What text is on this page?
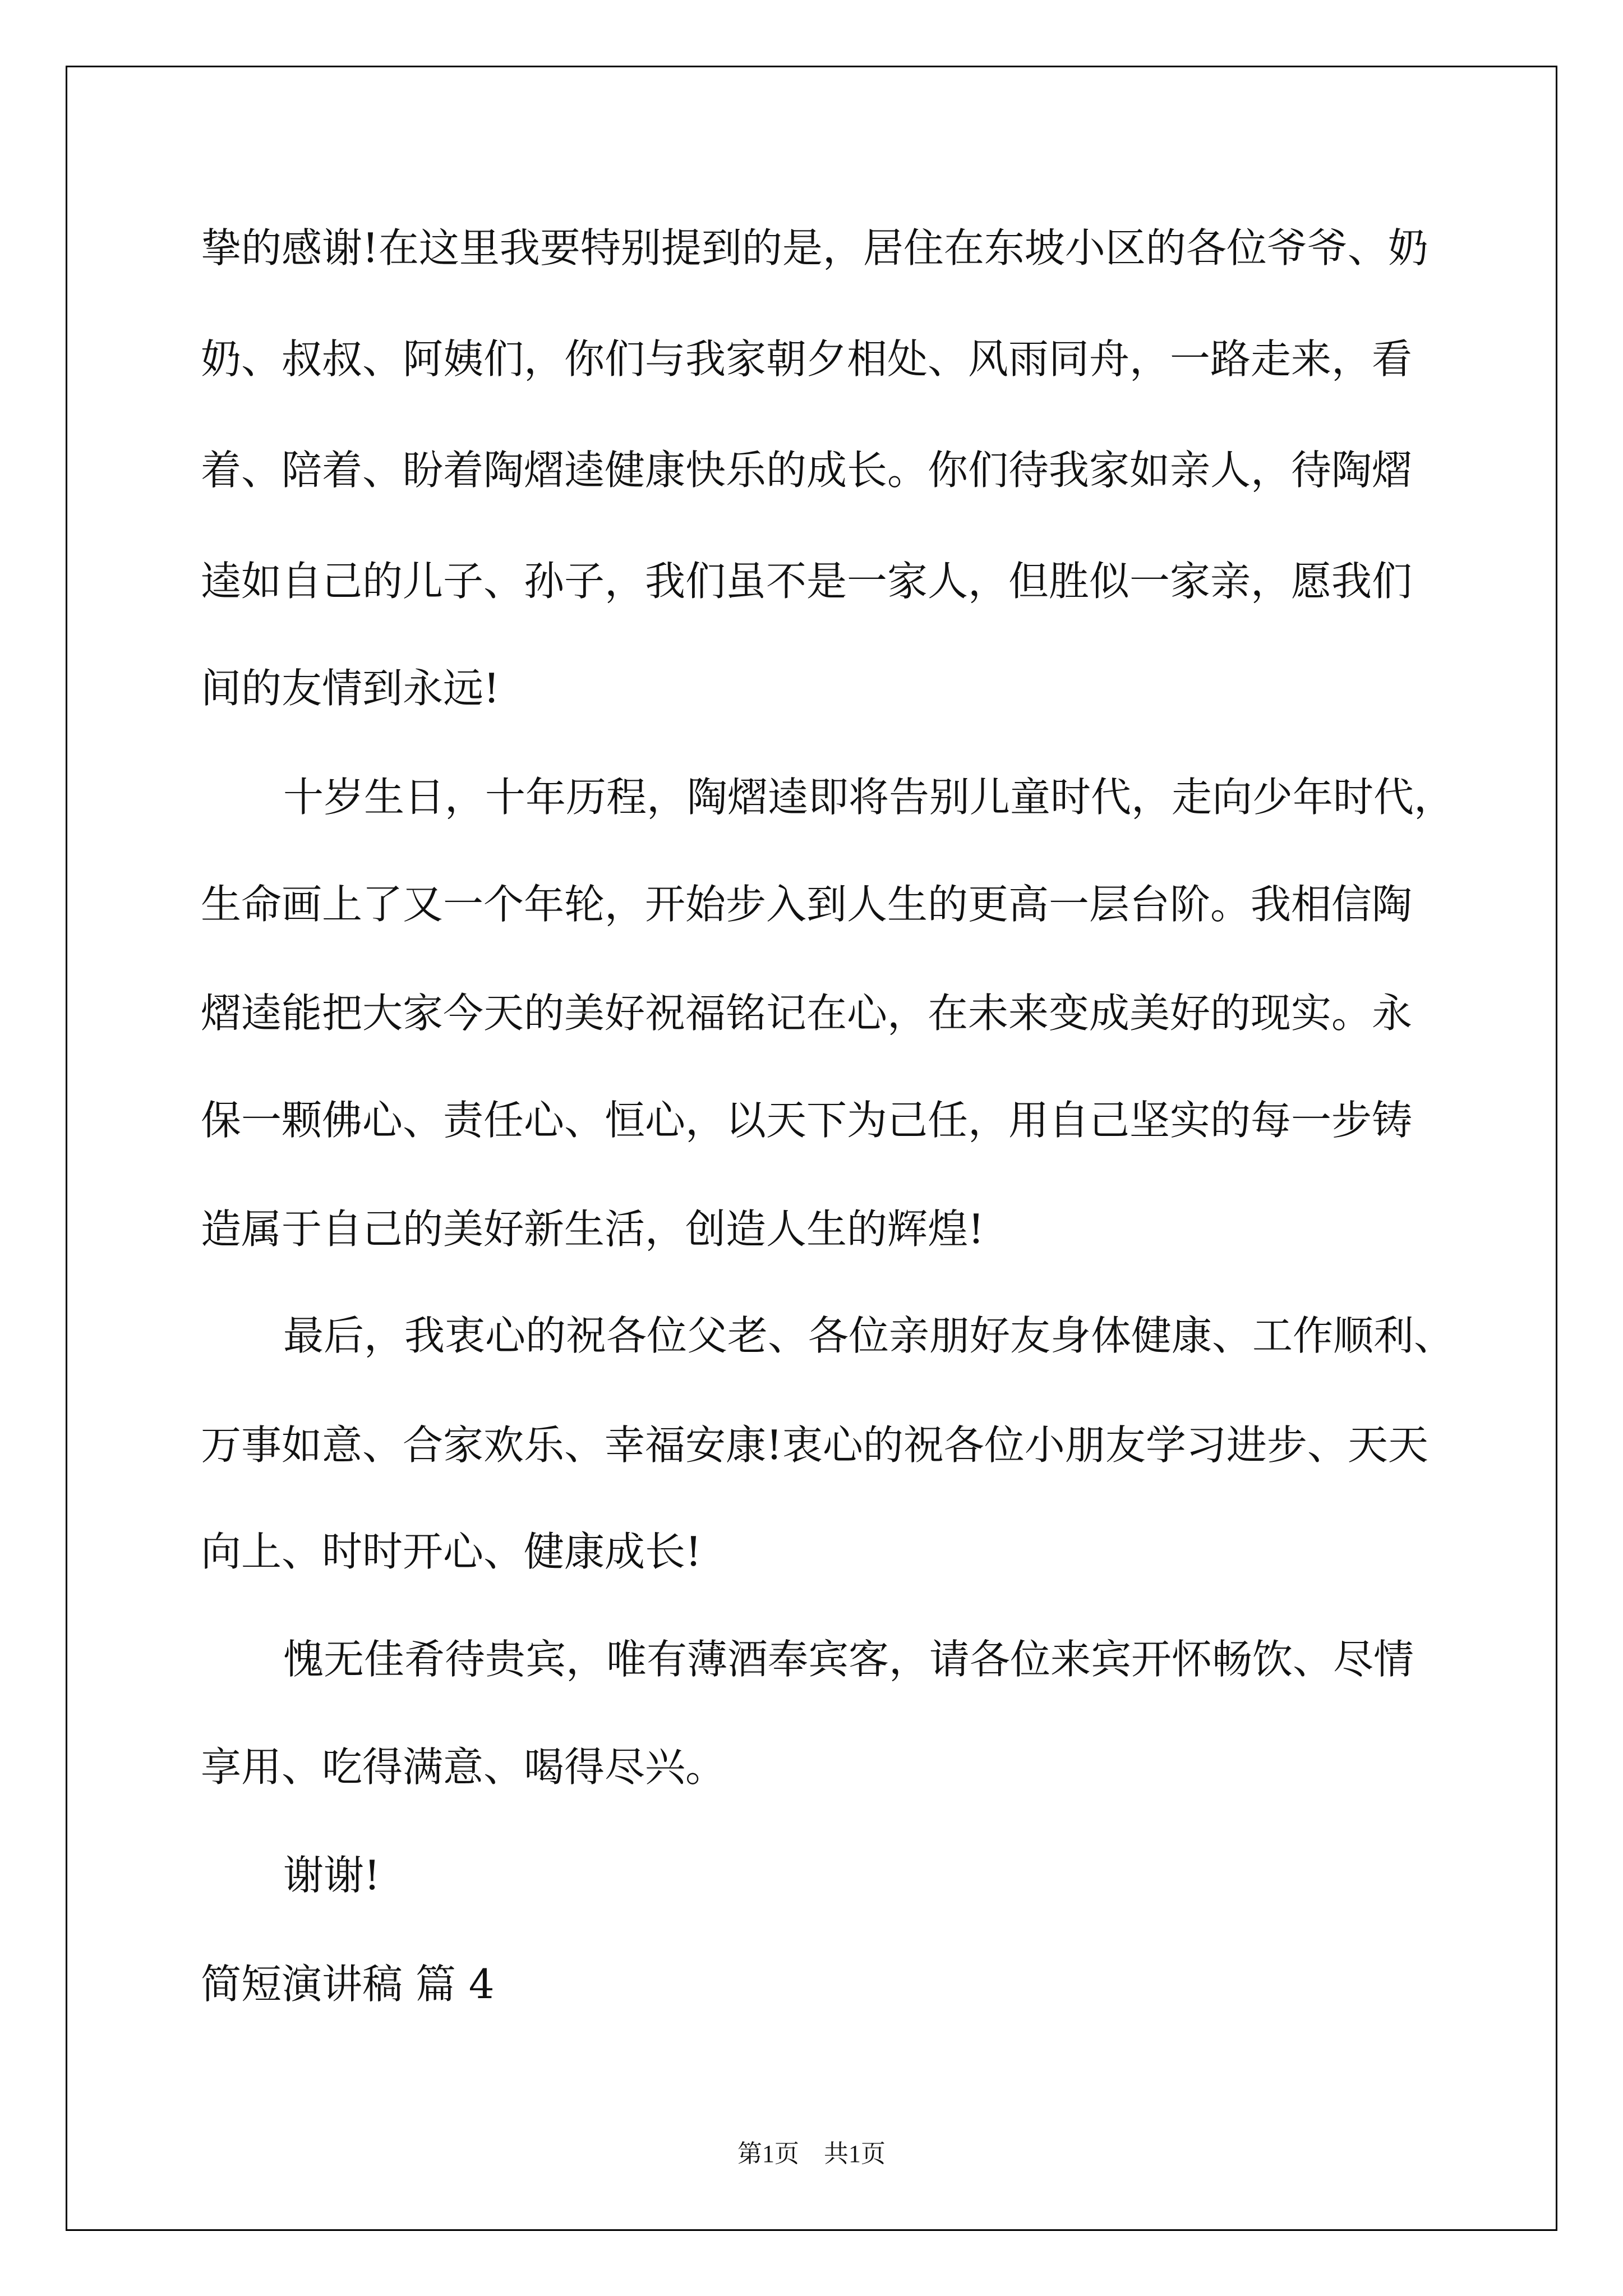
挚的感谢!在这里我要特别提到的是，居住在东坡小区的各位爷爷、奶
奶、叔叔、阿姨们，你们与我家朝夕相处、风雨同舟，一路走来，看
着、陪着、盼着陶熠逵健康快乐的成长。你们待我家如亲人，待陶熠
逵如自己的儿子、孙子，我们虽不是一家人，但胜似一家亲，愿我们
间的友情到永远!
十岁生日，十年历程，陶熠逵即将告别儿童时代，走向少年时代，
生命画上了又一个年轮，开始步入到人生的更高一层台阶。我相信陶
熠逵能把大家今天的美好祝福铭记在心，在未来变成美好的现实。永
保一颗佛心、责任心、恒心，以天下为己任，用自己坚实的每一步铸
造属于自己的美好新生活，创造人生的辉煌!
最后，我衷心的祝各位父老、各位亲朋好友身体健康、工作顺利、
万事如意、合家欢乐、幸福安康!衷心的祝各位小朋友学习进步、天天
向上、时时开心、健康成长!
愧无佳肴待贵宾，唯有薄酒奉宾客，请各位来宾开怀畅饮、尽情
享用、吃得满意、喝得尽兴。
谢谢!
简短演讲稿 篇 4
第1页　共1页
